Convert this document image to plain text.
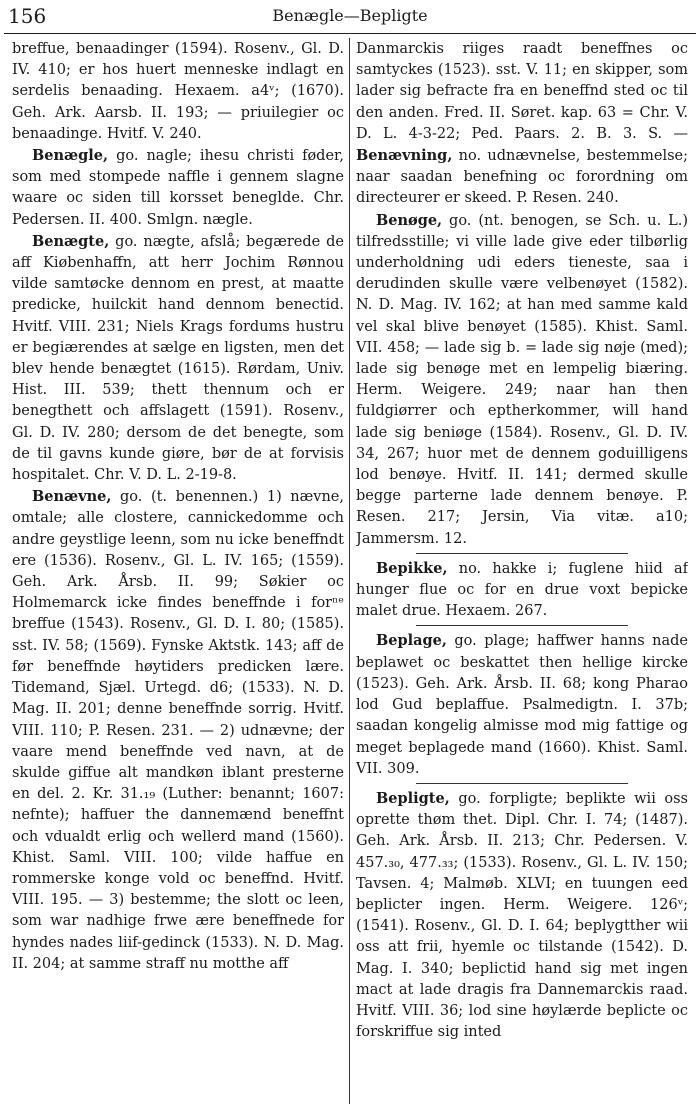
156	Benægle—Bepligte

breffue, benaadinger (1594). Rosenv., Gl. D. IV. 410; er hos huert menneske indlagt en serdelis benaading. Hexaem. a4ᵛ; (1670). Geh. Ark. Aarsb. II. 193; — priuilegier oc benaadinge. Hvitf. V. 240.

Benægle, go. nagle; ihesu christi føder, som med stompede naffle i gennem slagne waare oc siden till korsset beneglde. Chr. Pedersen. II. 400. Smlgn. nægle.

Benægte, go. nægte, afslå; begærede de aff Kiøbenhaffn, att herr Jochim Rønnou vilde samtøcke dennom en prest, at maatte predicke, huilckit hand dennom benectid. Hvitf. VIII. 231; Niels Krags fordums hustru er begiærendes at sælge en ligsten, men det blev hende benægtet (1615). Rørdam, Univ. Hist. III. 539; thett thennum och er benegthett och affslagett (1591). Rosenv., Gl. D. IV. 280; dersom de det benegte, som de til gavns kunde giøre, bør de at forvisis hospitalet. Chr. V. D. L. 2-19-8.

Benævne, go. (t. benennen.) 1) nævne, omtale; alle clostere, cannickedomme och andre geystlige leenn, som nu icke beneffndt ere (1536). Rosenv., Gl. L. IV. 165; (1559). Geh. Ark. Årsb. II. 99; Søkier oc Holmemarck icke findes beneffnde i forⁿᵉ breffue (1543). Rosenv., Gl. D. I. 80; (1585). sst. IV. 58; (1569). Fynske Aktstk. 143; aff de før beneffnde høytiders predicken lære. Tidemand, Sjæl. Urtegd. d6; (1533). N. D. Mag. II. 201; denne beneffnde sorrig. Hvitf. VIII. 110; P. Resen. 231. — 2) udnævne; der vaare mend beneffnde ved navn, at de skulde giffue alt mandkøn iblant presterne en del. 2. Kr. 31.₁₉ (Luther: benannt; 1607: nefnte); haffuer the dannemænd beneffnt och vdualdt erlig och wellerd mand (1560). Khist. Saml. VIII. 100; vilde haffue en rommerske konge vold oc beneffnd. Hvitf. VIII. 195. — 3) bestemme; the slott oc leen, som war nadhige frwe ære beneffnede for hyndes nades liif-gedinck (1533). N. D. Mag. II. 204; at samme straff nu motthe aff

Danmarckis riiges raadt beneffnes oc samtyckes (1523). sst. V. 11; en skipper, som lader sig befracte fra en beneffnd sted oc til den anden. Fred. II. Søret. kap. 63 = Chr. V. D. L. 4-3-22; Ped. Paars. 2. B. 3. S. — Benævning, no. udnævnelse, bestemmelse; naar saadan benefning oc forordning om directeurer er skeed. P. Resen. 240.

Benøge, go. (nt. benogen, se Sch. u. L.) tilfredsstille; vi ville lade give eder tilbørlig underholdning udi eders tieneste, saa i derudinden skulle være velbenøyet (1582). N. D. Mag. IV. 162; at han med samme kald vel skal blive benøyet (1585). Khist. Saml. VII. 458; — lade sig b. = lade sig nøje (med); lade sig benøge met en lempelig biæring. Herm. Weigere. 249; naar han then fuldgiørrer och eptherkommer, will hand lade sig beniøge (1584). Rosenv., Gl. D. IV. 34, 267; huor met de dennem goduilligens lod benøye. Hvitf. II. 141; dermed skulle begge parterne lade dennem benøye. P. Resen. 217; Jersin, Via vitæ. a10; Jammersm. 12.

Bepikke, no. hakke i; fuglene hiid af hunger flue oc for en drue voxt bepicke malet drue. Hexaem. 267.

Beplage, go. plage; haffwer hanns nade beplawet oc beskattet then hellige kircke (1523). Geh. Ark. Årsb. II. 68; kong Pharao lod Gud beplaffue. Psalmedigtn. I. 37b; saadan kongelig almisse mod mig fattige og meget beplagede mand (1660). Khist. Saml. VII. 309.

Bepligte, go. forpligte; beplikte wii oss oprette thøm thet. Dipl. Chr. I. 74; (1487). Geh. Ark. Årsb. II. 213; Chr. Pedersen. V. 457.₃₀, 477.₃₃; (1533). Rosenv., Gl. L. IV. 150; Tavsen. 4; Malmøb. XLVI; en tuungen eed beplicter ingen. Herm. Weigere. 126ᵛ; (1541). Rosenv., Gl. D. I. 64; beplygtther wii oss att frii, hyemle oc tilstande (1542). D. Mag. I. 340; beplictid hand sig met ingen mact at lade dragis fra Dannemarckis raad. Hvitf. VIII. 36; lod sine høylærde beplicte oc forskriffue sig inted
